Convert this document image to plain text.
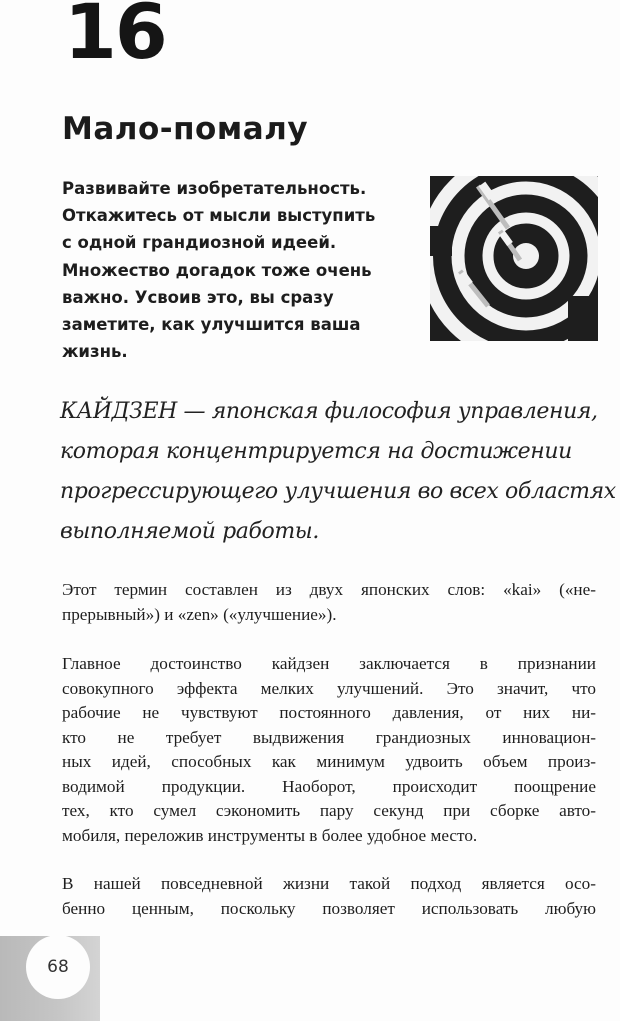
16
Мало-помалу
Развивайте изобретательность.
Откажитесь от мысли выступить
с одной грандиозной идеей.
Множество догадок тоже очень
важно. Усвоив это, вы сразу
заметите, как улучшится ваша
жизнь.
КАЙДЗЕН — японская философия управления,
которая концентрируется на достижении
прогрессирующего улучшения во всех областях
выполняемой работы.
Этот термин составлен из двух японских слов: «kai» («не-
прерывный») и «zen» («улучшение»).
Главное достоинство кайдзен заключается в признании
совокупного эффекта мелких улучшений. Это значит, что
рабочие не чувствуют постоянного давления, от них ни-
кто не требует выдвижения грандиозных инновацион-
ных идей, способных как минимум удвоить объем произ-
водимой продукции. Наоборот, происходит поощрение
тех, кто сумел сэкономить пару секунд при сборке авто-
мобиля, переложив инструменты в более удобное место.
В нашей повседневной жизни такой подход является осо-
бенно ценным, поскольку позволяет использовать любую
68
